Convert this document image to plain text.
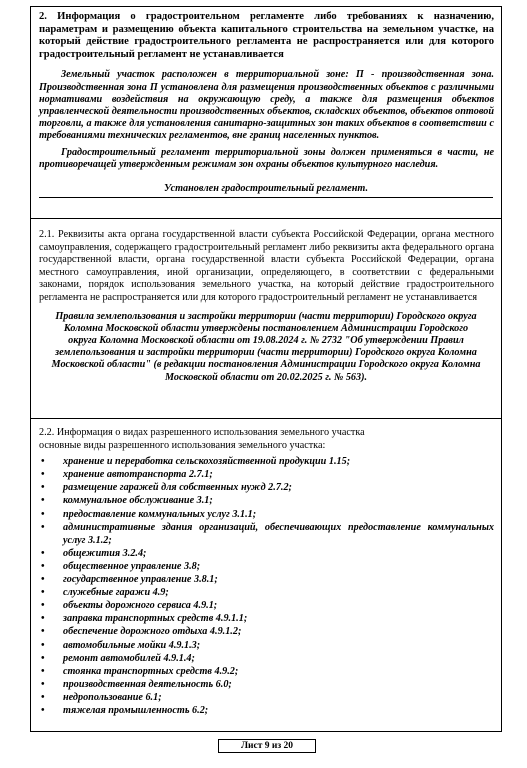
2. Информация о градостроительном регламенте либо требованиях к назначению, параметрам и размещению объекта капитального строительства на земельном участке, на который действие градостроительного регламента не распространяется или для которого градостроительный регламент не устанавливается

Земельный участок расположен в территориальной зоне: П - производственная зона. Производственная зона П установлена для размещения производственных объектов с различными нормативами воздействия на окружающую среду, а также для размещения объектов управленческой деятельности производственных объектов, складских объектов, объектов оптовой торговли, а также для установления санитарно-защитных зон таких объектов в соответствии с требованиями технических регламентов, вне границ населенных пунктов.

Градостроительный регламент территориальной зоны должен применяться в части, не противоречащей утвержденным режимам зон охраны объектов культурного наследия.

Установлен градостроительный регламент.

2.1. Реквизиты акта органа государственной власти субъекта Российской Федерации, органа местного самоуправления, содержащего градостроительный регламент либо реквизиты акта федерального органа государственной власти, органа государственной власти субъекта Российской Федерации, органа местного самоуправления, иной организации, определяющего, в соответствии с федеральными законами, порядок использования земельного участка, на который действие градостроительного регламента не распространяется или для которого градостроительный регламент не устанавливается

Правила землепользования и застройки территории (части территории) Городского округа Коломна Московской области утверждены постановлением Администрации Городского округа Коломна Московской области от 19.08.2024 г. № 2732 "Об утверждении Правил землепользования и застройки территории (части территории) Городского округа Коломна Московской области" (в редакции постановления Администрации Городского округа Коломна Московской области от 20.02.2025 г. № 563).

2.2. Информация о видах разрешенного использования земельного участка

основные виды разрешенного использования земельного участка:

• хранение и переработка сельскохозяйственной продукции 1.15;
• хранение автотранспорта 2.7.1;
• размещение гаражей для собственных нужд 2.7.2;
• коммунальное обслуживание 3.1;
• предоставление коммунальных услуг 3.1.1;
• административные здания организаций, обеспечивающих предоставление коммунальных услуг 3.1.2;
• общежития 3.2.4;
• общественное управление 3.8;
• государственное управление 3.8.1;
• служебные гаражи 4.9;
• объекты дорожного сервиса 4.9.1;
• заправка транспортных средств 4.9.1.1;
• обеспечение дорожного отдыха 4.9.1.2;
• автомобильные мойки 4.9.1.3;
• ремонт автомобилей 4.9.1.4;
• стоянка транспортных средств 4.9.2;
• производственная деятельность 6.0;
• недропользование 6.1;
• тяжелая промышленность 6.2;
Лист 9 из 20
